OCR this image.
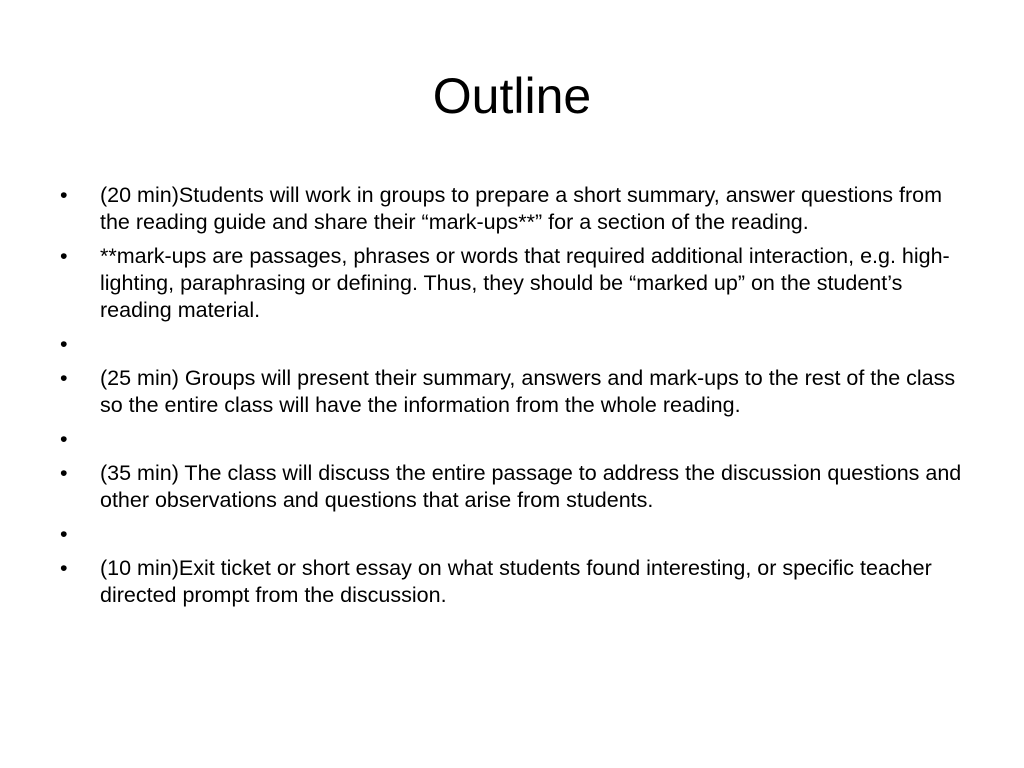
Outline
•	(20 min)Students will work in groups to prepare a short summary, answer questions from the reading guide and share their “mark-ups**” for a section of the reading.
•	**mark-ups are passages, phrases or words that required additional interaction, e.g. high-lighting, paraphrasing or defining. Thus, they should be “marked up” on the student’s reading material.
•
•	(25 min) Groups will present their summary, answers and mark-ups to the rest of the class so the entire class will have the information from the whole reading.
•
•	(35 min) The class will discuss the entire passage to address the discussion questions and other observations and questions that arise from students.
•
•	(10 min)Exit ticket or short essay on what students found interesting, or specific teacher directed prompt from the discussion.
